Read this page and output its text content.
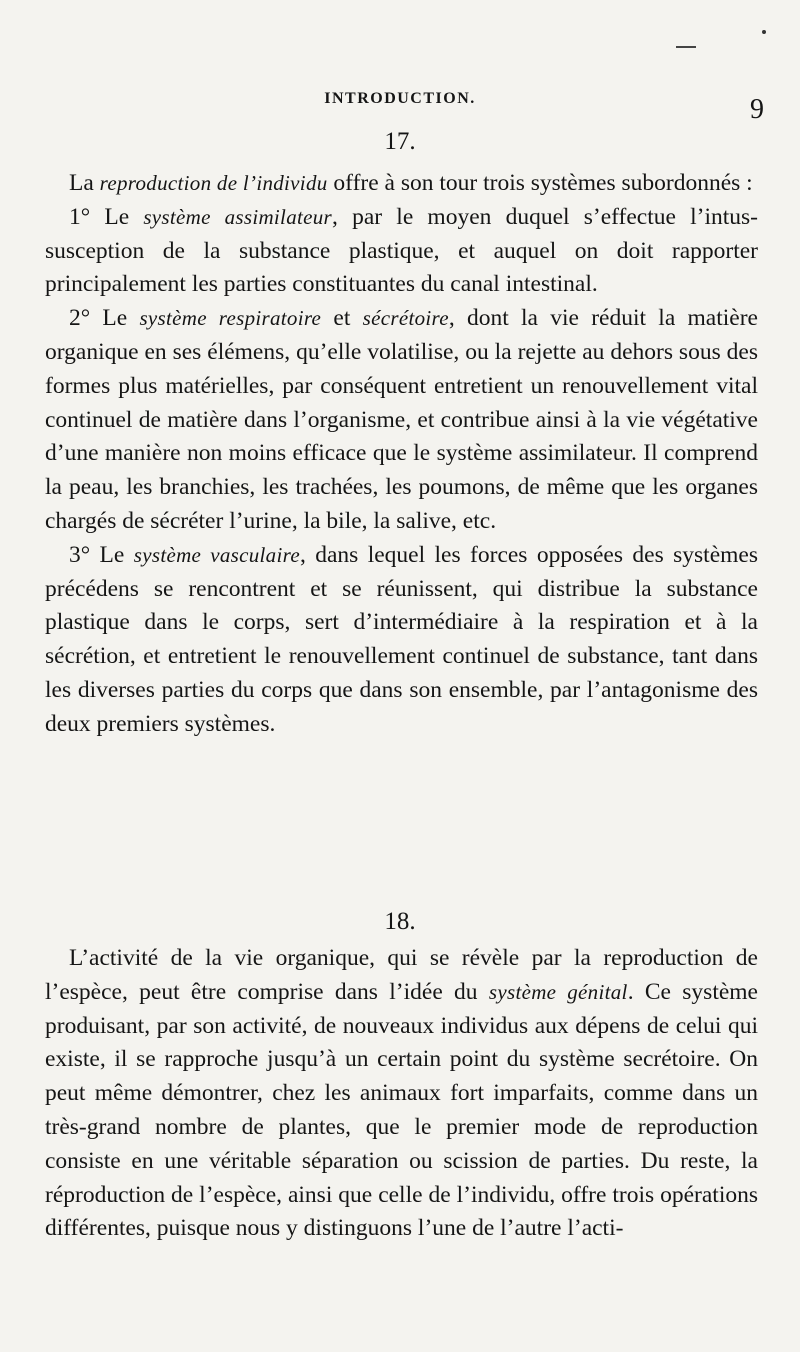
INTRODUCTION.	9
17.

La reproduction de l’individu offre à son tour trois systèmes subordonnés :

1° Le système assimilateur, par le moyen duquel s’effectue l’intus-susception de la substance plastique, et auquel on doit rapporter principalement les parties constituantes du canal intestinal.

2° Le système respiratoire et sécrétoire, dont la vie réduit la matière organique en ses élémens, qu’elle volatilise, ou la rejette au dehors sous des formes plus matérielles, par conséquent entretient un renouvellement vital continuel de matière dans l’organisme, et contribue ainsi à la vie végétative d’une manière non moins efficace que le système assimilateur. Il comprend la peau, les branchies, les trachées, les poumons, de même que les organes chargés de sécréter l’urine, la bile, la salive, etc.

3° Le système vasculaire, dans lequel les forces opposées des systèmes précédens se rencontrent et se réunissent, qui distribue la substance plastique dans le corps, sert d’intermédiaire à la respiration et à la sécrétion, et entretient le renouvellement continuel de substance, tant dans les diverses parties du corps que dans son ensemble, par l’antagonisme des deux premiers systèmes.

18.

L’activité de la vie organique, qui se révèle par la reproduction de l’espèce, peut être comprise dans l’idée du système génital. Ce système produisant, par son activité, de nouveaux individus aux dépens de celui qui existe, il se rapproche jusqu’à un certain point du système secrétoire. On peut même démontrer, chez les animaux fort imparfaits, comme dans un très-grand nombre de plantes, que le premier mode de reproduction consiste en une véritable séparation ou scission de parties. Du reste, la réproduction de l’espèce, ainsi que celle de l’individu, offre trois opérations différentes, puisque nous y distinguons l’une de l’autre l’acti-
